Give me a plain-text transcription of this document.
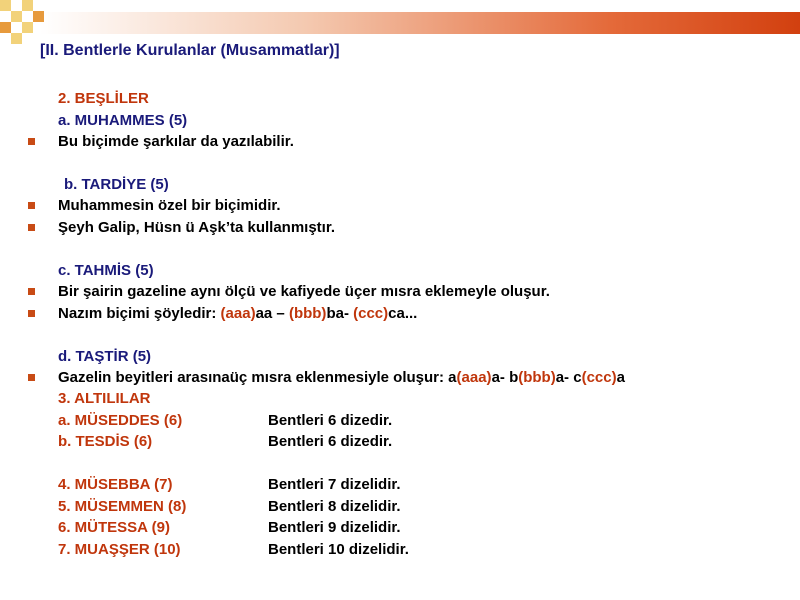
[II. Bentlerle Kurulanlar (Musammatlar)]
2. BEŞLİLER
a. MUHAMMES (5)
Bu biçimde şarkılar da yazılabilir.
b. TARDİYE (5)
Muhammesin özel bir biçimidir.
Şeyh Galip, Hüsn ü Aşk’ta kullanmıştır.
c. TAHMİS (5)
Bir şairin gazeline aynı ölçü ve kafiyede üçer mısra eklemeyle oluşur.
Nazım biçimi şöyledir: (aaa)aa – (bbb)ba- (ccc)ca...
d. TAŞTİR (5)
Gazelin beyitleri arasınaüç mısra eklenmesiyle oluşur: a(aaa)a- b(bbb)a- c(ccc)a
3. ALTILILAR
a. MÜSEDDES (6)	Bentleri 6 dizedir.
b. TESDİS (6)	Bentleri 6 dizedir.
4. MÜSEBBA (7)	Bentleri 7 dizelidir.
5. MÜSEMMEN (8)	Bentleri 8 dizelidir.
6. MÜTESSA (9)	Bentleri 9 dizelidir.
7. MUAŞŞER (10)	Bentleri 10 dizelidir.
